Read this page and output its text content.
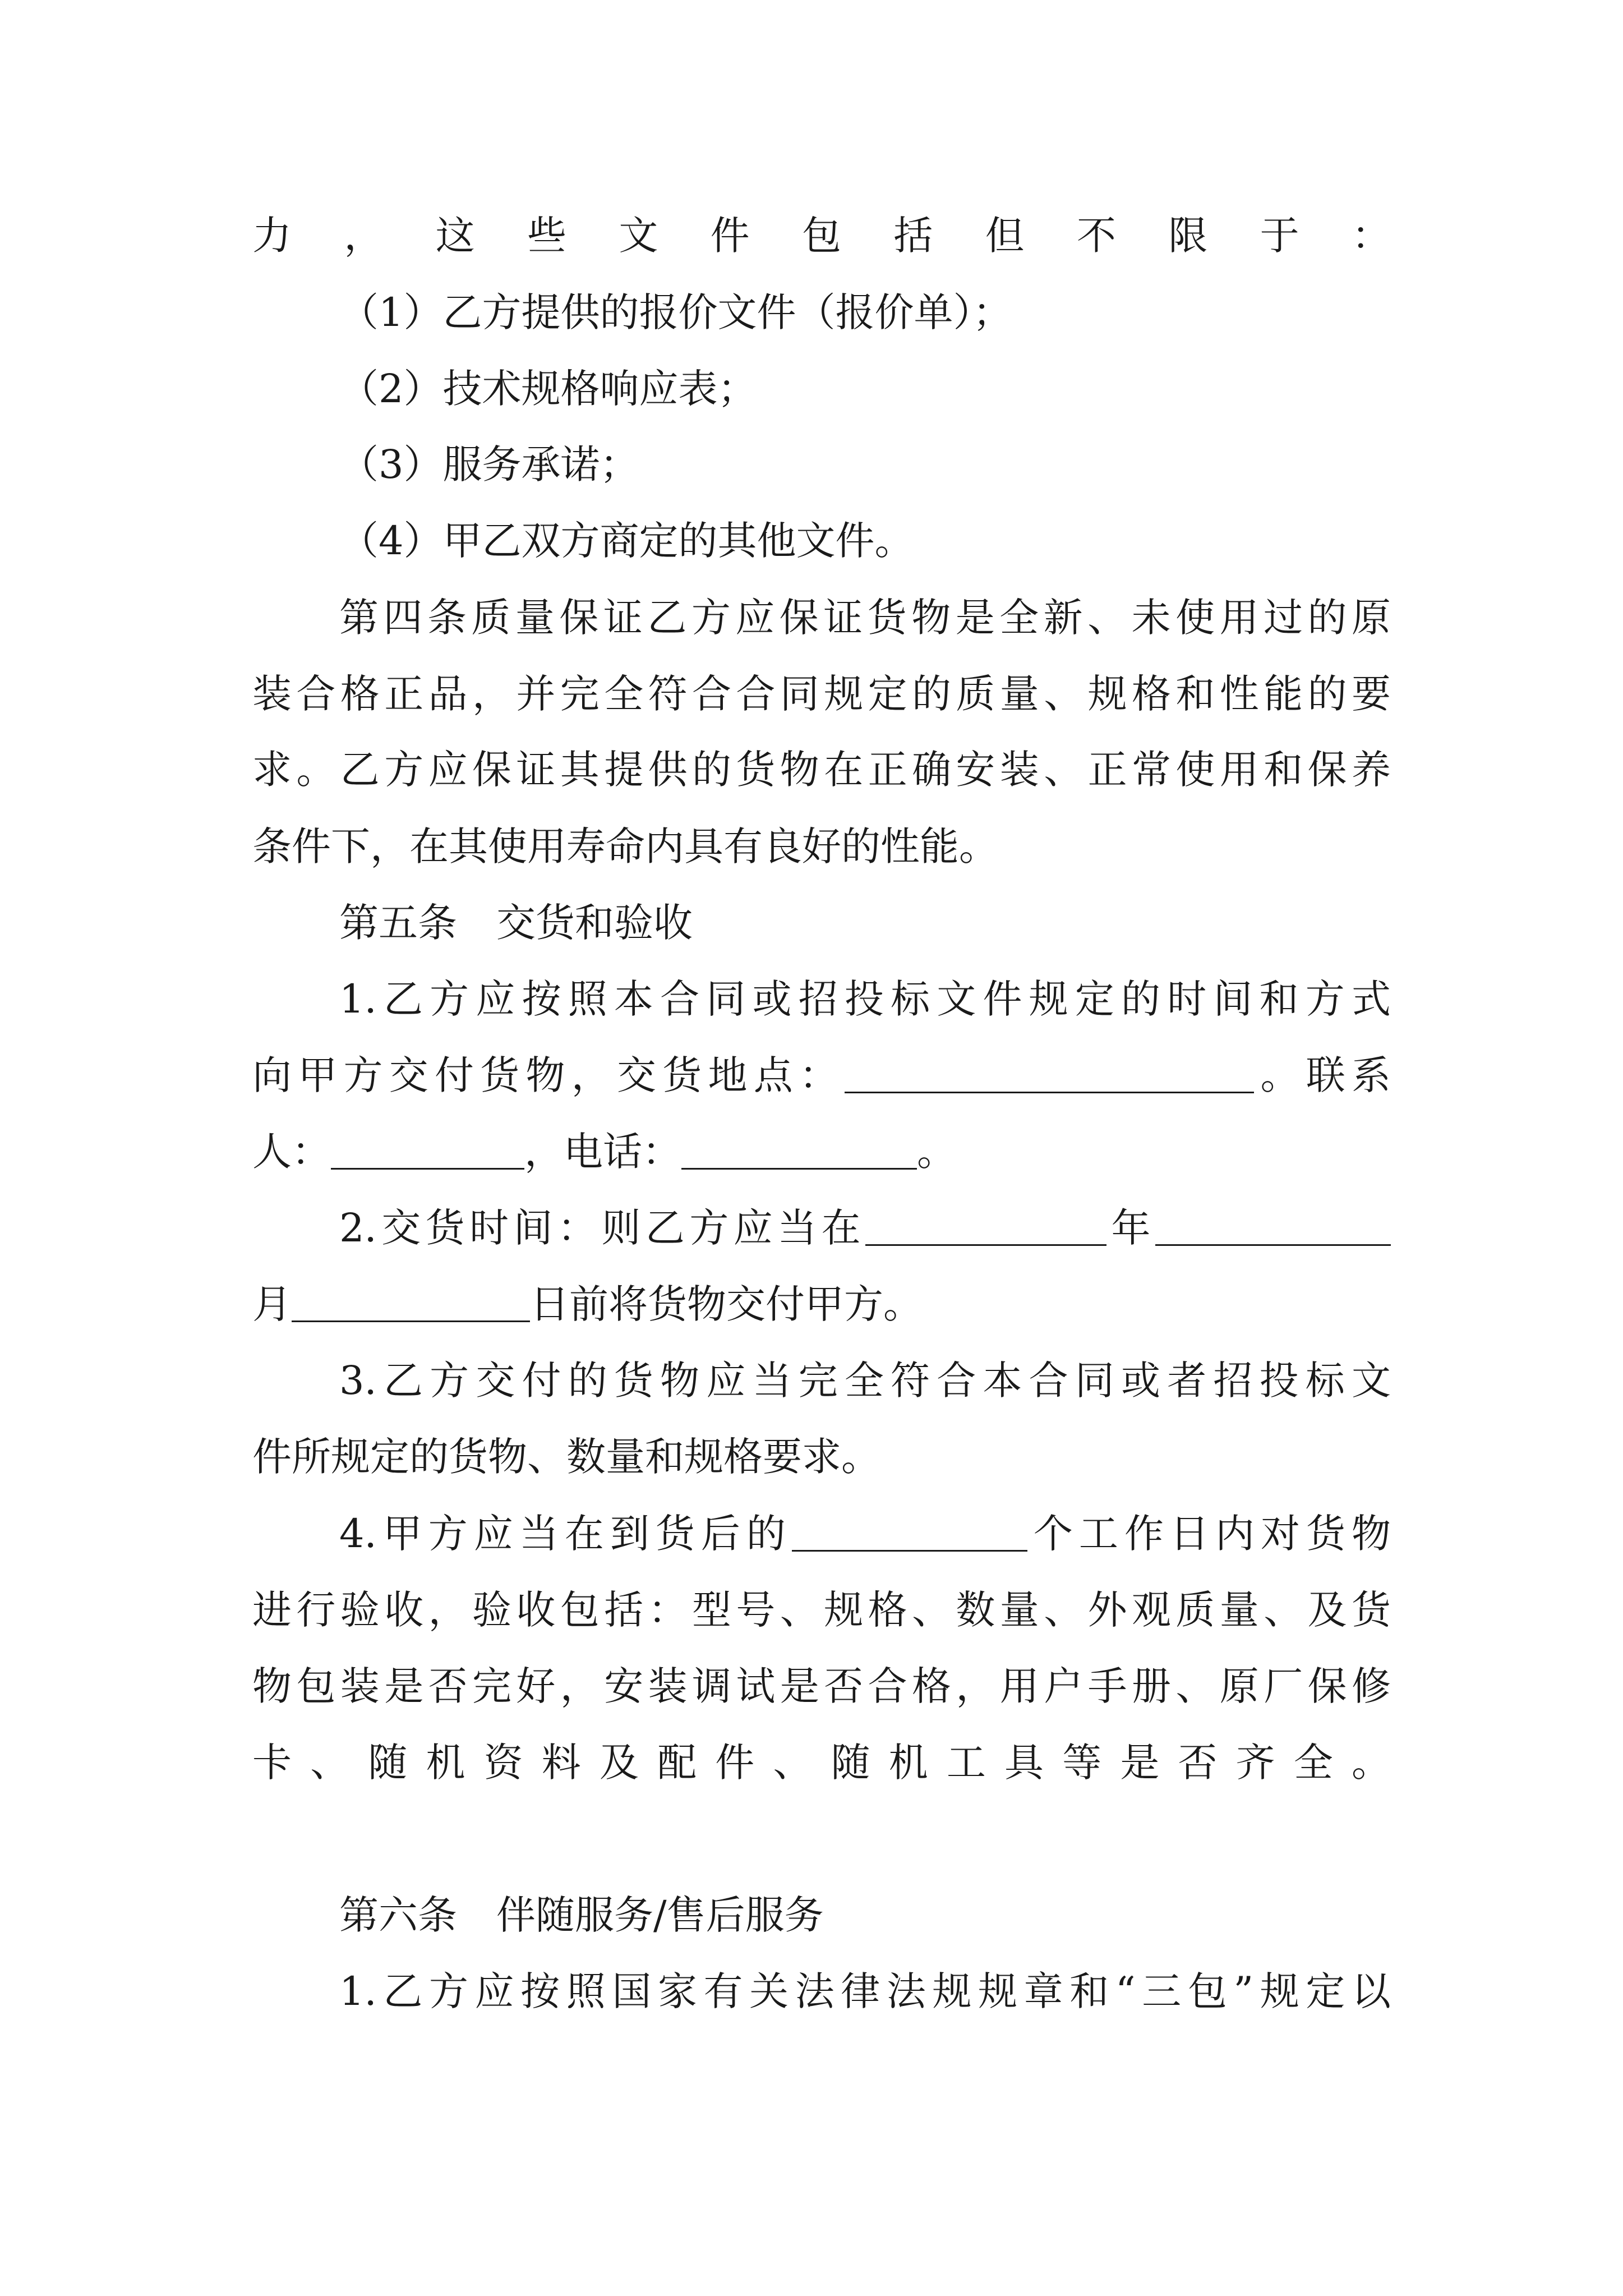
力，这些文件包括但不限于：
（1）乙方提供的报价文件（报价单）；
（2）技术规格响应表；
（3）服务承诺；
（4）甲乙双方商定的其他文件。
第四条质量保证乙方应保证货物是全新、未使用过的原
装合格正品，并完全符合合同规定的质量、规格和性能的要
求。乙方应保证其提供的货物在正确安装、正常使用和保养
条件下，在其使用寿命内具有良好的性能。
第五条　交货和验收
1.乙方应按照本合同或招投标文件规定的时间和方式
向甲方交付货物，交货地点：	。联系
人：	，电话：	。
2.交货时间：则乙方应当在	年
月	日前将货物交付甲方。
3.乙方交付的货物应当完全符合本合同或者招投标文
件所规定的货物、数量和规格要求。
4.甲方应当在到货后的	个工作日内对货物
进行验收，验收包括：型号、规格、数量、外观质量、及货
物包装是否完好，安装调试是否合格，用户手册、原厂保修
卡、随机资料及配件、随机工具等是否齐全。
第六条　伴随服务/售后服务
1.乙方应按照国家有关法律法规规章和“三包”规定以
